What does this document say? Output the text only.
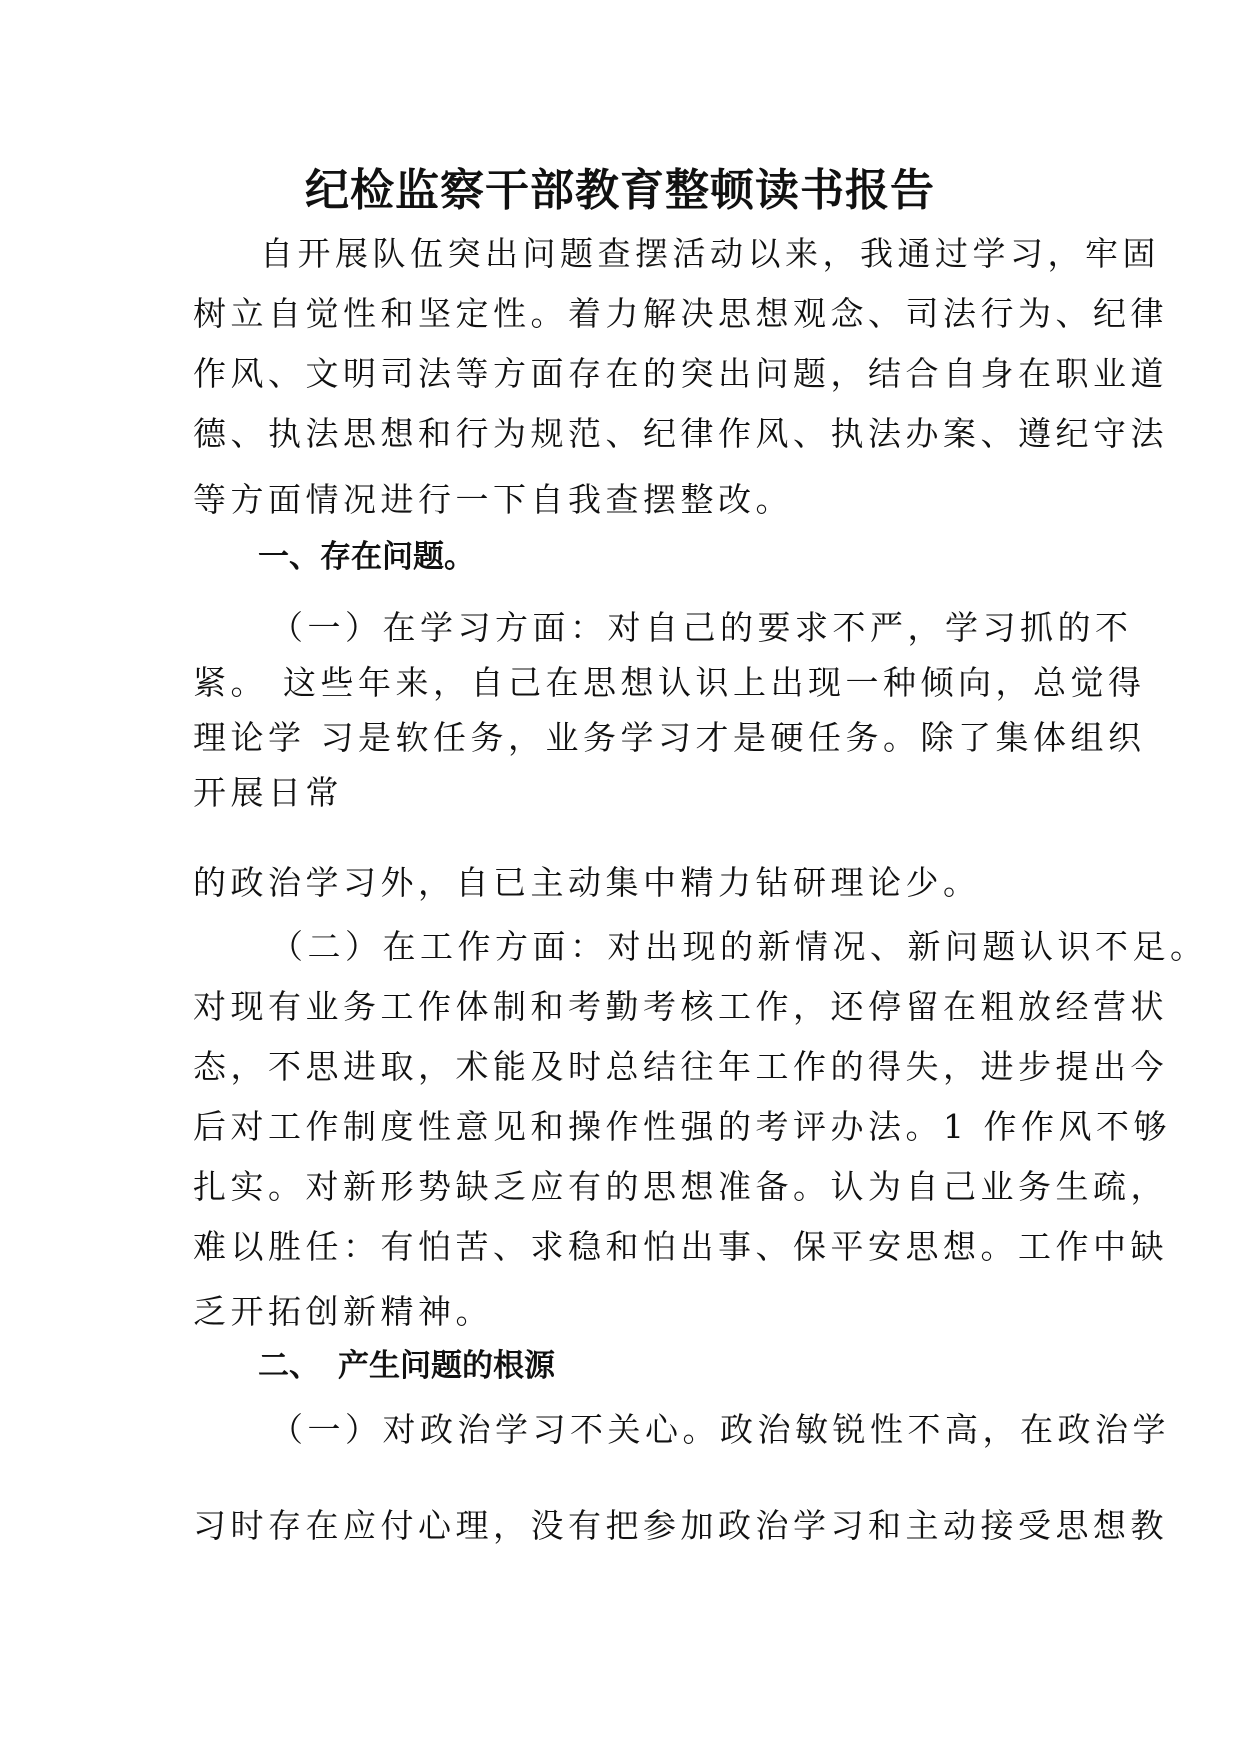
纪检监察干部教育整顿读书报告

自开展队伍突出问题查摆活动以来，我通过学习，牢固

树立自觉性和坚定性。着力解决思想观念、司法行为、纪律

作风、文明司法等方面存在的突出问题，结合自身在职业道

德、执法思想和行为规范、纪律作风、执法办案、遵纪守法

等方面情况进行一下自我查摆整改。

一、存在问题。

（一）在学习方面：对自己的要求不严，学习抓的不

紧。 这些年来，自己在思想认识上出现一种倾向，总觉得

理论学 习是软任务，业务学习才是硬任务。除了集体组织

开展日常

的政治学习外，自已主动集中精力钻研理论少。

（二）在工作方面：对出现的新情况、新问题认识不足。

对现有业务工作体制和考勤考核工作，还停留在粗放经营状

态，不思进取，术能及时总结往年工作的得失，进步提出今

后对工作制度性意见和操作性强的考评办法。1 作作风不够

扎实。对新形势缺乏应有的思想准备。认为自己业务生疏，

难以胜任：有怕苦、求稳和怕出事、保平安思想。工作中缺

乏开拓创新精神。

二、 产生问题的根源

（一）对政治学习不关心。政治敏锐性不高，在政治学

习时存在应付心理，没有把参加政治学习和主动接受思想教
